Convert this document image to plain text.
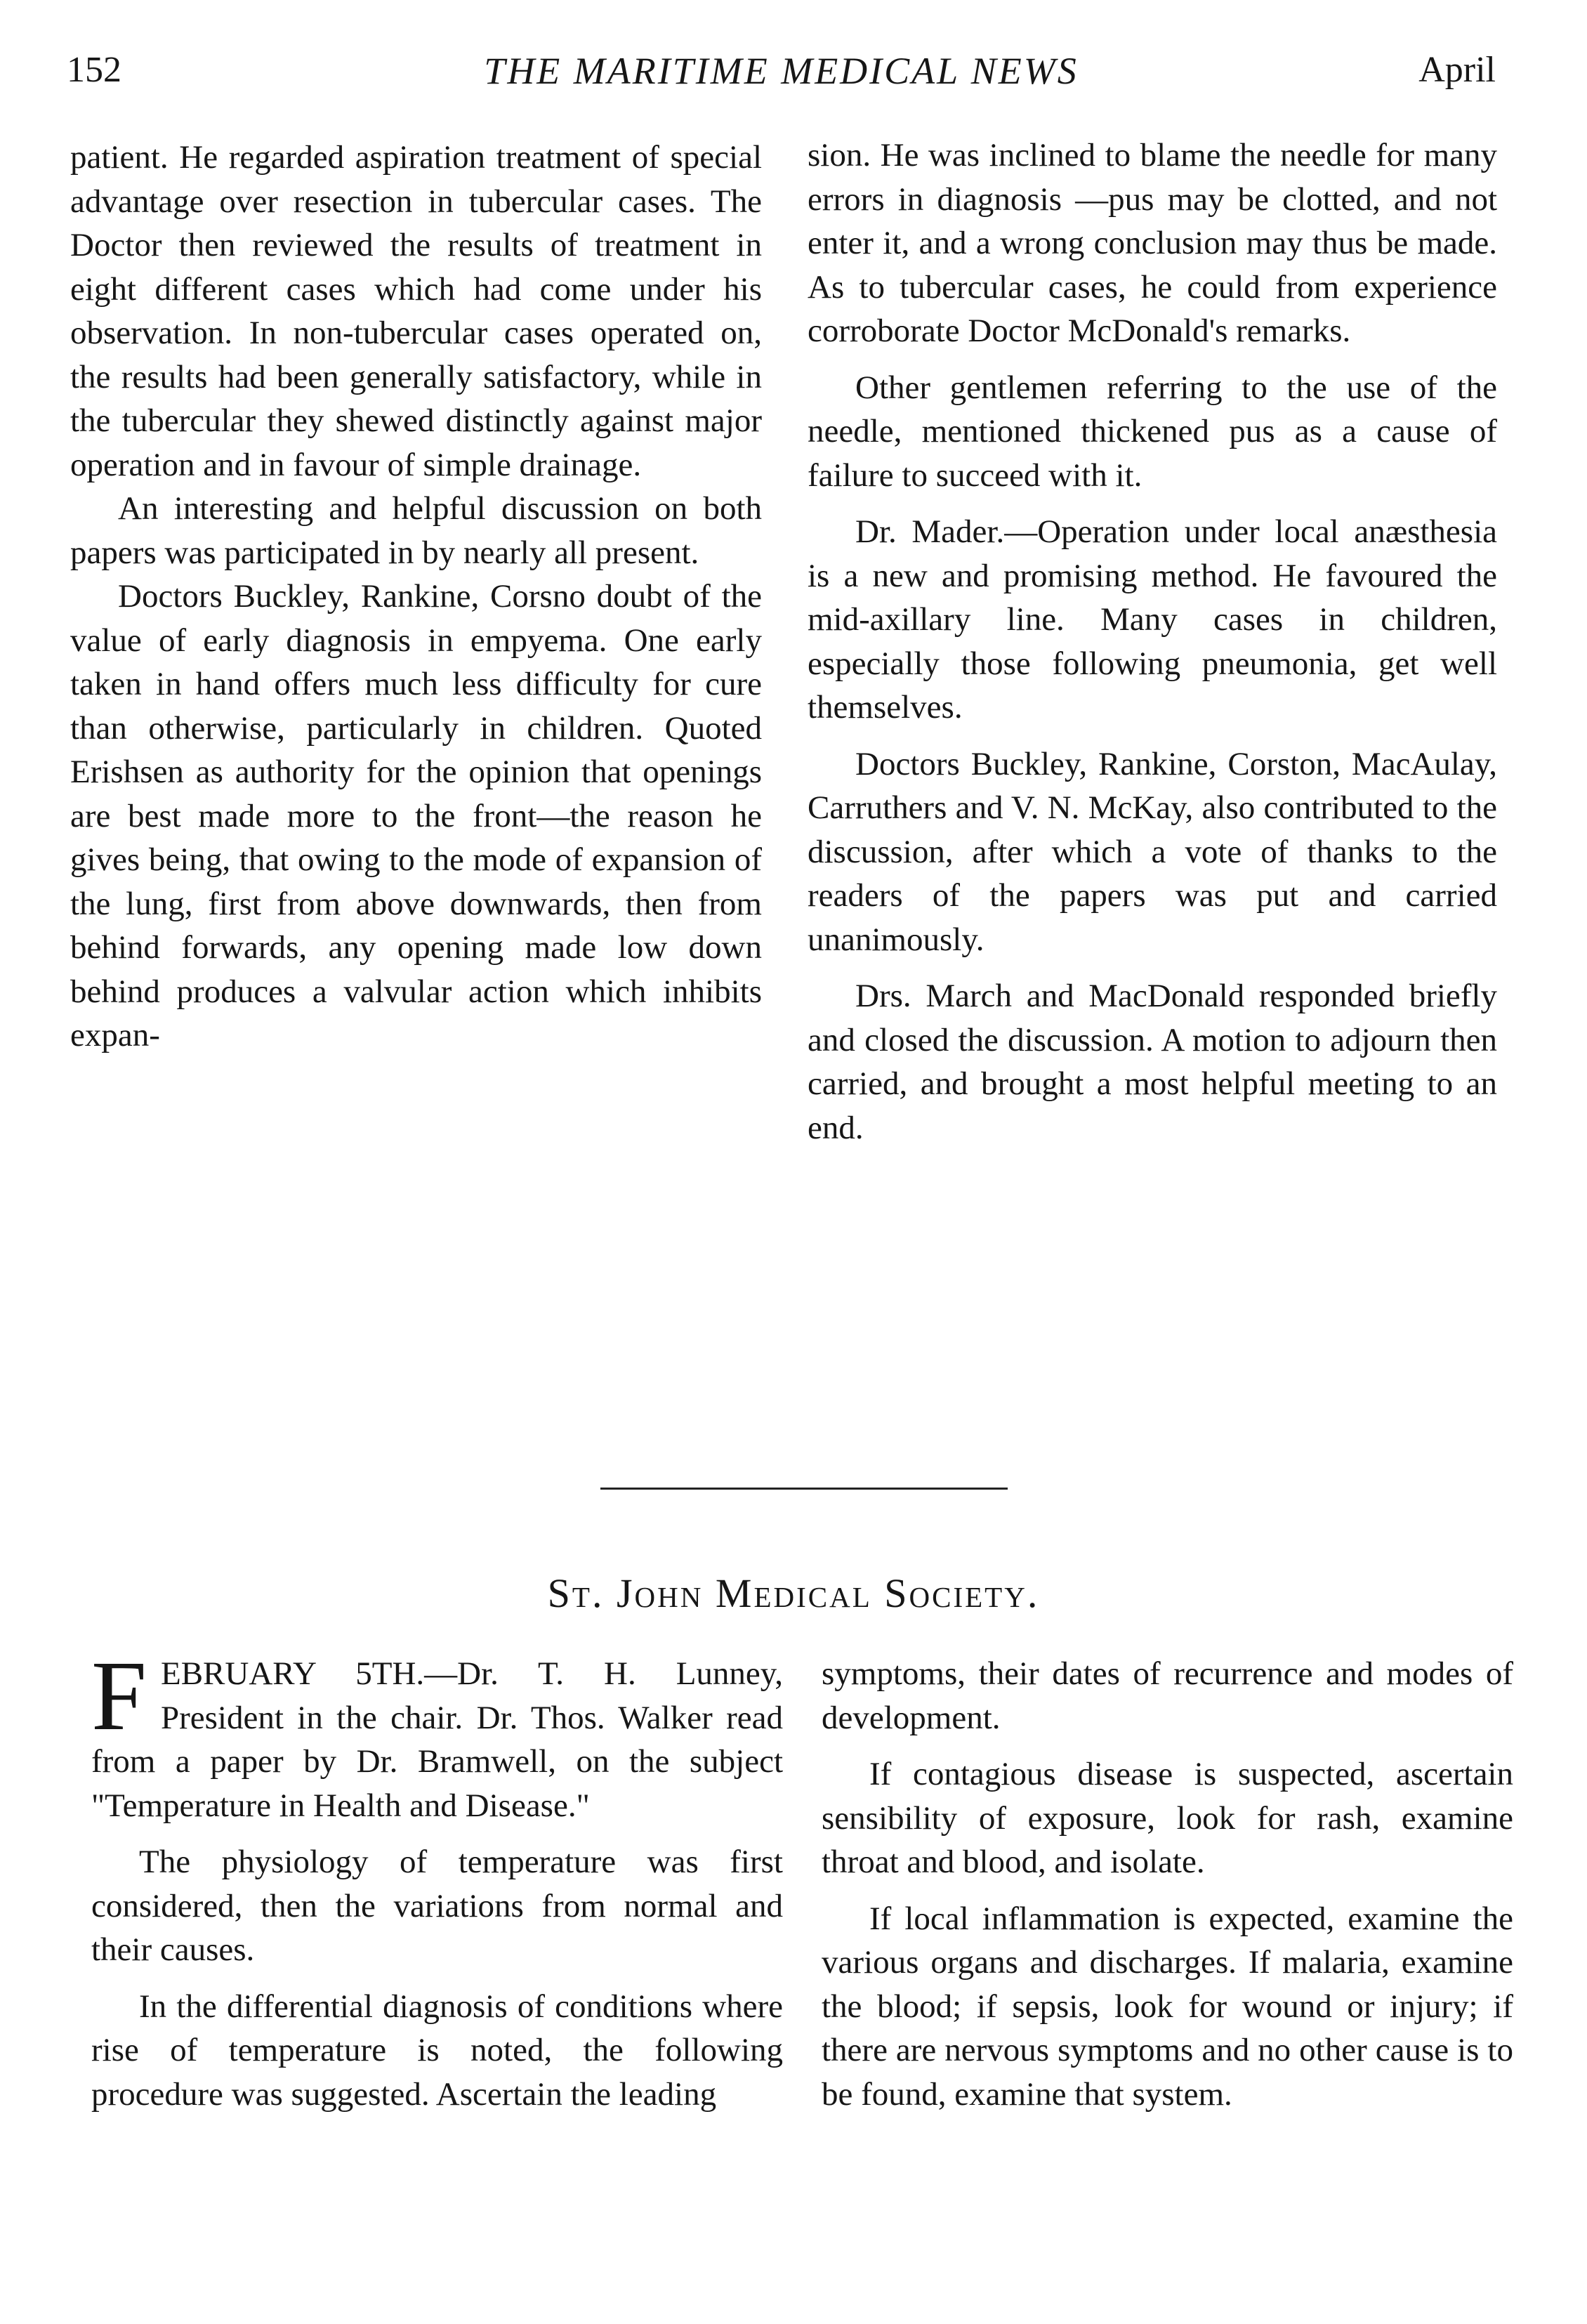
152	THE MARITIME MEDICAL NEWS	April

patient. He regarded aspiration treatment of special advantage over resection in tubercular cases. The Doctor then reviewed the results of treatment in eight different cases which had come under his observation. In non-tubercular cases operated on, the results had been generally satisfactory, while in the tubercular they shewed distinctly against major operation and in favour of simple drainage.

An interesting and helpful discussion on both papers was participated in by nearly all present.

Doctors Buckley, Rankine, Corsno doubt of the value of early diagnosis in empyema. One early taken in hand offers much less difficulty for cure than otherwise, particularly in children. Quoted Erishsen as authority for the opinion that openings are best made more to the front—the reason he gives being, that owing to the mode of expansion of the lung, first from above downwards, then from behind forwards, any opening made low down behind produces a valvular action which inhibits expan-

sion. He was inclined to blame the needle for many errors in diagnosis —pus may be clotted, and not enter it, and a wrong conclusion may thus be made. As to tubercular cases, he could from experience corroborate Doctor McDonald's remarks.

Other gentlemen referring to the use of the needle, mentioned thickened pus as a cause of failure to succeed with it.

Dr. Mader.—Operation under local anæsthesia is a new and promising method. He favoured the mid-axillary line. Many cases in children, especially those following pneumonia, get well themselves.

Doctors Buckley, Rankine, Corston, MacAulay, Carruthers and V. N. McKay, also contributed to the discussion, after which a vote of thanks to the readers of the papers was put and carried unanimously.

Drs. March and MacDonald responded briefly and closed the discussion. A motion to adjourn then carried, and brought a most helpful meeting to an end.

St. John Medical Society.

FEBRUARY 5TH.—Dr. T. H. Lunney, President in the chair. Dr. Thos. Walker read from a paper by Dr. Bramwell, on the subject "Temperature in Health and Disease."

The physiology of temperature was first considered, then the variations from normal and their causes.

In the differential diagnosis of conditions where rise of temperature is noted, the following procedure was suggested. Ascertain the leading

symptoms, their dates of recurrence and modes of development.

If contagious disease is suspected, ascertain sensibility of exposure, look for rash, examine throat and blood, and isolate.

If local inflammation is expected, examine the various organs and discharges. If malaria, examine the blood; if sepsis, look for wound or injury; if there are nervous symptoms and no other cause is to be found, examine that system.
